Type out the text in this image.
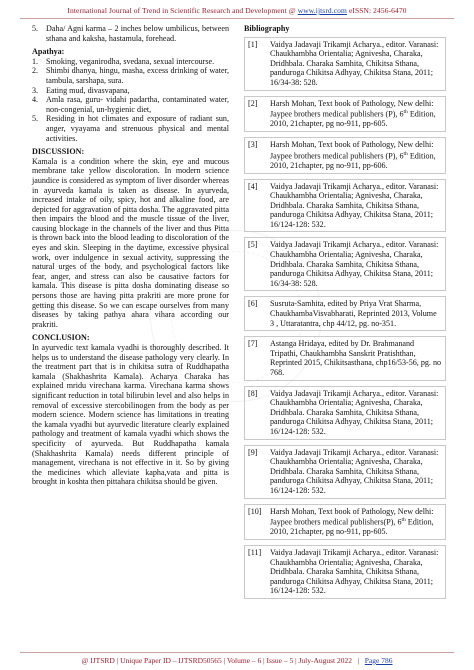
International Journal of Trend in Scientific Research and Development @ www.ijtsrd.com eISSN: 2456-6470
5. Daha/ Agni karma – 2 inches below umbilicus, between sthana and kaksha, hastamula, forehead.
Apathya:
1. Smoking, veganirodha, svedana, sexual intercourse.
2. Shimbi dhanya, hingu, masha, excess drinking of water, tambula, sarshapa, sura.
3. Eating mud, divasvapana,
4. Amla rasa, guru- vidahi padartha, contaminated water, non-congenial, un-hygienic diet,
5. Residing in hot climates and exposure of radiant sun, anger, vyayama and strenuous physical and mental activities.
DISCUSSION:

Kamala is a condition where the skin, eye and mucous membrane take yellow discoloration. In modern science jaundice is considered as symptom of liver disorder whereas in ayurveda kamala is taken as disease. In ayurveda, increased intake of oily, spicy, hot and alkaline food, are depicted for aggravation of pitta dosha. The aggravated pitta then impairs the blood and the muscle tissue of the liver, causing blockage in the channels of the liver and thus Pitta is thrown back into the blood leading to discoloration of the eyes and skin. Sleeping in the daytime, excessive physical work, over indulgence in sexual activity, suppressing the natural urges of the body, and psychological factors like fear, anger, and stress can also be causative factors for kamala. This disease is pitta dosha dominating disease so persons those are having pitta prakriti are more prone for getting this disease. So we can escape ourselves from many diseases by taking pathya ahara vihara according our prakriti.

CONCLUSION:

In ayurvedic text kamala vyadhi is thoroughly described. It helps us to understand the disease pathology very clearly. In the treatment part that is in chikitsa sutra of Ruddhapatha kamala (Shakhashrita Kamala). Acharya Charaka has explained mridu virechana karma. Virechana karma shows significant reduction in total bilirubin level and also helps in removal of excessive stercobilinogen from the body as per modern science. Modern science has limitations in treating the kamala vyadhi but ayurvedic literature clearly explained pathology and treatment of kamala vyadhi which shows the specificity of ayurveda. But Ruddhapatha kamala (Shakhashrita Kamala) needs different principle of management, virechana is not effective in it. So by giving the medicines which alleviate kapha,vata and pitta is brought in koshta then pittahara chikitsa should be given.

Bibliography
[1]	Vaidya Jadavaji Trikamji Acharya., editor. Varanasi: Chaukhambha Orientalia; Agnivesha, Charaka, Dridhbala. Charaka Samhita, Chikitsa Sthana, pandurogа Chikitsa Adhyay, Chikitsa Stana, 2011; 16/34-38: 528.
[2]	Harsh Mohan, Text book of Pathology, New delhi: Jaypee brothers medical publishers (P), 6th Edition, 2010, 21chapter, pg no-911, pp-605.
[3]	Harsh Mohan, Text book of Pathology, New delhi: Jaypee brothers medical publishers (P), 6th Edition, 2010, 21chapter, pg no-911, pp-606.
[4]	Vaidya Jadavaji Trikamji Acharya., editor. Varanasi: Chaukhambha Orientalia; Agnivesha, Charaka, Dridhbala. Charaka Samhita, Chikitsa Sthana, pandurogа Chikitsa Adhyay, Chikitsa Stana, 2011; 16/124-128: 532.
[5]	Vaidya Jadavaji Trikamji Acharya., editor. Varanasi: Chaukhambha Orientalia; Agnivesha, Charaka, Dridhbala. Charaka Samhita, Chikitsa Sthana, pandurogа Chikitsa Adhyay, Chikitsa Stana, 2011; 16/34-38: 528.
[6]	Susruta-Samhita, edited by Priya Vrat Sharma, ChaukhambaVisvabharati, Reprinted 2013, Volume 3 , Uttaratantra, chp 44/12, pg. no-351.
[7]	Astanga Hridaya, edited by Dr. Brahmanand Tripathi, Chaukhambha Sanskrit Pratishthan, Reprinted 2015, Chikitsasthana, chp16/53-56, pg. no 768.
[8]	Vaidya Jadavaji Trikamji Acharya., editor. Varanasi: Chaukhambha Orientalia; Agnivesha, Charaka, Dridhbala. Charaka Samhita, Chikitsa Sthana, pandurogа Chikitsa Adhyay, Chikitsa Stana, 2011; 16/124-128: 532.
[9]	Vaidya Jadavaji Trikamji Acharya., editor. Varanasi: Chaukhambha Orientalia; Agnivesha, Charaka, Dridhbala. Charaka Samhita, Chikitsa Sthana, pandurogа Chikitsa Adhyay, Chikitsa Stana, 2011; 16/124-128: 532.
[10]	Harsh Mohan, Text book of Pathology, New delhi: Jaypee brothers medical publishers(P), 6th Edition, 2010, 21chapter, pg no-911, pp-605.
[11]	Vaidya Jadavaji Trikamji Acharya., editor. Varanasi: Chaukhambha Orientalia; Agnivesha, Charaka, Dridhbala. Charaka Samhita, Chikitsa Sthana, pandurogа Chikitsa Adhyay, Chikitsa Stana, 2011; 16/124-128: 532.
@ IJTSRD | Unique Paper ID – IJTSRD50565 | Volume – 6 | Issue – 5 | July-August 2022   |   Page 786
